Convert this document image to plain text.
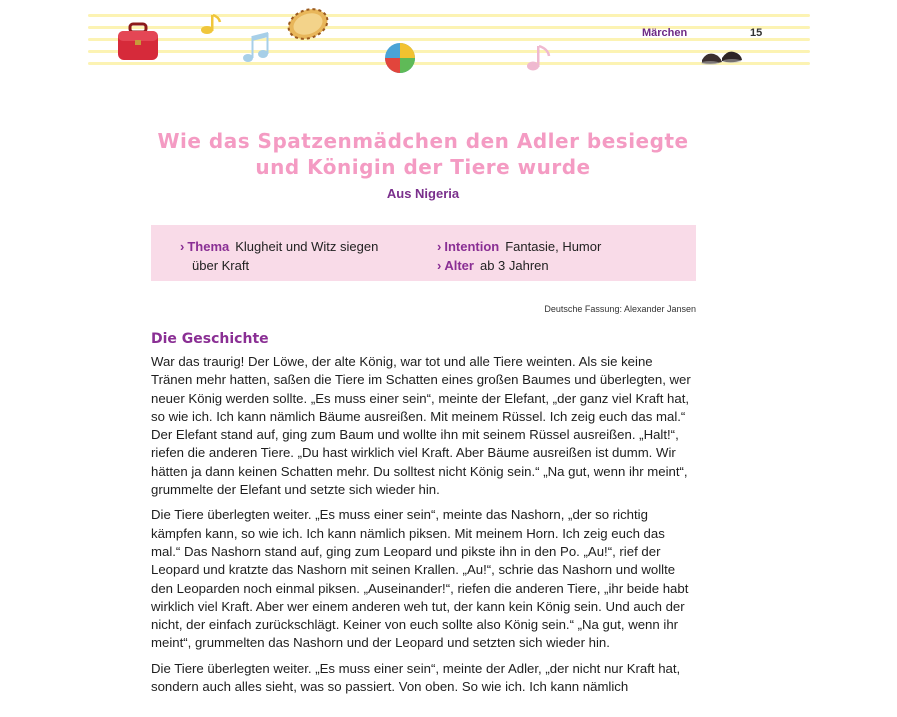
Märchen	15
Wie das Spatzenmädchen den Adler besiegte
und Königin der Tiere wurde
Aus Nigeria
› Thema Klugheit und Witz siegen
über Kraft
› Intention Fantasie, Humor
› Alter ab 3 Jahren
Deutsche Fassung: Alexander Jansen
Die Geschichte

War das traurig! Der Löwe, der alte König, war tot und alle Tiere weinten. Als sie keine Tränen mehr hatten, saßen die Tiere im Schatten eines großen Baumes und überlegten, wer neuer König werden sollte. „Es muss einer sein“, meinte der Elefant, „der ganz viel Kraft hat, so wie ich. Ich kann nämlich Bäume ausreißen. Mit meinem Rüssel. Ich zeig euch das mal.“ Der Elefant stand auf, ging zum Baum und wollte ihn mit seinem Rüssel ausreißen. „Halt!“, riefen die anderen Tiere. „Du hast wirklich viel Kraft. Aber Bäume ausreißen ist dumm. Wir hätten ja dann keinen Schatten mehr. Du solltest nicht König sein.“ „Na gut, wenn ihr meint“, grummelte der Elefant und setzte sich wieder hin.

Die Tiere überlegten weiter. „Es muss einer sein“, meinte das Nashorn, „der so richtig kämpfen kann, so wie ich. Ich kann nämlich piksen. Mit meinem Horn. Ich zeig euch das mal.“ Das Nashorn stand auf, ging zum Leopard und pikste ihn in den Po. „Au!“, rief der Leopard und kratzte das Nashorn mit seinen Krallen. „Au!“, schrie das Nashorn und wollte den Leoparden noch einmal piksen. „Auseinander!“, riefen die anderen Tiere, „ihr beide habt wirklich viel Kraft. Aber wer einem anderen weh tut, der kann kein König sein. Und auch der nicht, der einfach zurückschlägt. Keiner von euch sollte also König sein.“ „Na gut, wenn ihr meint“, grummelten das Nashorn und der Leopard und setzten sich wieder hin.

Die Tiere überlegten weiter. „Es muss einer sein“, meinte der Adler, „der nicht nur Kraft hat, sondern auch alles sieht, was so passiert. Von oben. So wie ich. Ich kann nämlich
